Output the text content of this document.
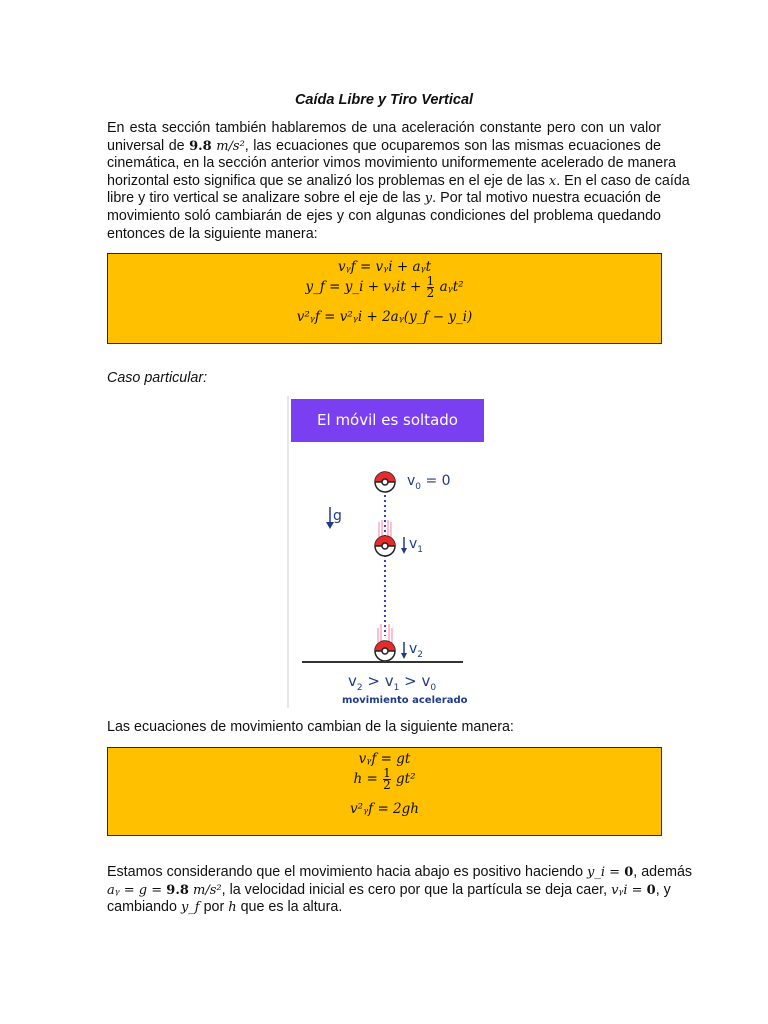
Caída Libre y Tiro Vertical
En esta sección también hablaremos de una aceleración constante pero con un valor
universal de 9.8 m/s², las ecuaciones que ocuparemos son las mismas ecuaciones de
cinemática, en la sección anterior vimos movimiento uniformemente acelerado de manera
horizontal esto significa que se analizó los problemas en el eje de las x. En el caso de caída
libre y tiro vertical se analizare sobre el eje de las y. Por tal motivo nuestra ecuación de
movimiento soló cambiarán de ejes y con algunas condiciones del problema quedando
entonces de la siguiente manera:
vᵧf = vᵧi + aᵧt
y_f = y_i + vᵧit + $\frac{1}{2}$ aᵧt²
v²ᵧf = v²ᵧi + 2aᵧ(y_f − y_i)
Caso particular:
El móvil es soltado
$v_0 = 0$
g
$v_1$
$v_2$
$v_2 > v_1 > v_0$
movimiento acelerado
Las ecuaciones de movimiento cambian de la siguiente manera:
vᵧf = gt
$h = \frac{1}{2} gt^2$
v²ᵧf = 2gh
Estamos considerando que el movimiento hacia abajo es positivo haciendo y_i = 0, además
aᵧ = g = 9.8 m/s², la velocidad inicial es cero por que la partícula se deja caer, vᵧi = 0, y
cambiando y_f por h que es la altura.
